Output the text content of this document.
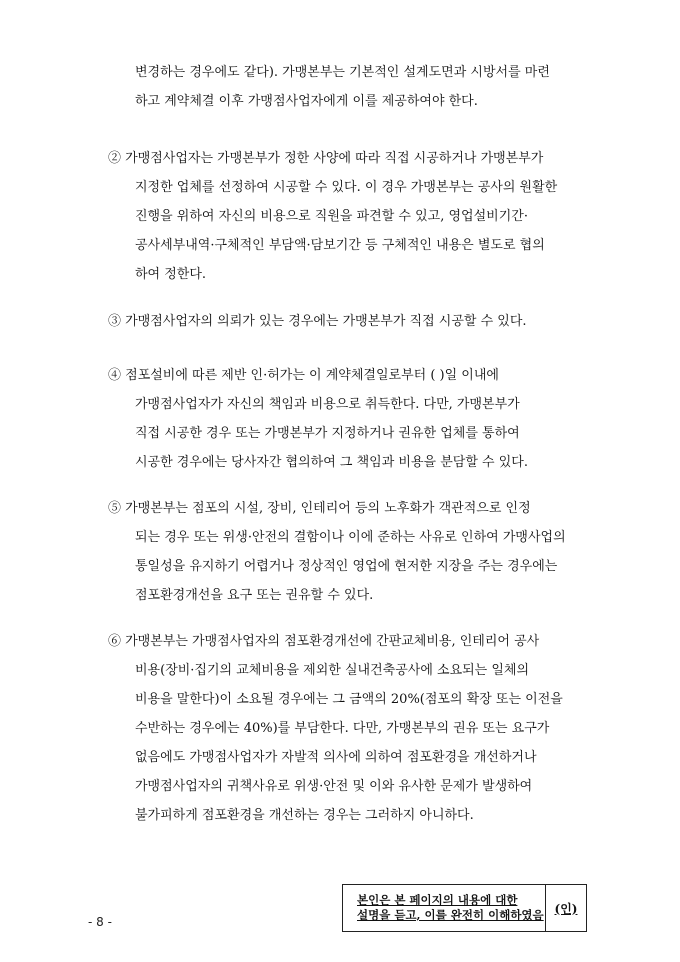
변경하는 경우에도 같다). 가맹본부는 기본적인 설계도면과 시방서를 마련
하고 계약체결 이후 가맹점사업자에게 이를 제공하여야 한다.
② 가맹점사업자는 가맹본부가 정한 사양에 따라 직접 시공하거나 가맹본부가
지정한 업체를 선정하여 시공할 수 있다. 이 경우 가맹본부는 공사의 원활한
진행을 위하여 자신의 비용으로 직원을 파견할 수 있고, 영업설비기간·
공사세부내역·구체적인 부담액·담보기간 등 구체적인 내용은 별도로 협의
하여 정한다.
③ 가맹점사업자의 의뢰가 있는 경우에는 가맹본부가 직접 시공할 수 있다.
④ 점포설비에 따른 제반 인·허가는 이 계약체결일로부터 ( )일 이내에
가맹점사업자가 자신의 책임과 비용으로 취득한다. 다만, 가맹본부가
직접 시공한 경우 또는 가맹본부가 지정하거나 권유한 업체를 통하여
시공한 경우에는 당사자간 협의하여 그 책임과 비용을 분담할 수 있다.
⑤ 가맹본부는 점포의 시설, 장비, 인테리어 등의 노후화가 객관적으로 인정
되는 경우 또는 위생·안전의 결함이나 이에 준하는 사유로 인하여 가맹사업의
통일성을 유지하기 어렵거나 정상적인 영업에 현저한 지장을 주는 경우에는
점포환경개선을 요구 또는 권유할 수 있다.
⑥ 가맹본부는 가맹점사업자의 점포환경개선에 간판교체비용, 인테리어 공사
비용(장비·집기의 교체비용을 제외한 실내건축공사에 소요되는 일체의
비용을 말한다)이 소요될 경우에는 그 금액의 20%(점포의 확장 또는 이전을
수반하는 경우에는 40%)를 부담한다. 다만, 가맹본부의 권유 또는 요구가
없음에도 가맹점사업자가 자발적 의사에 의하여 점포환경을 개선하거나
가맹점사업자의 귀책사유로 위생·안전 및 이와 유사한 문제가 발생하여
불가피하게 점포환경을 개선하는 경우는 그러하지 아니하다.
- 8 -
본인은 본 페이지의 내용에 대한
설명을 듣고, 이를 완전히 이해하였음 (인)
